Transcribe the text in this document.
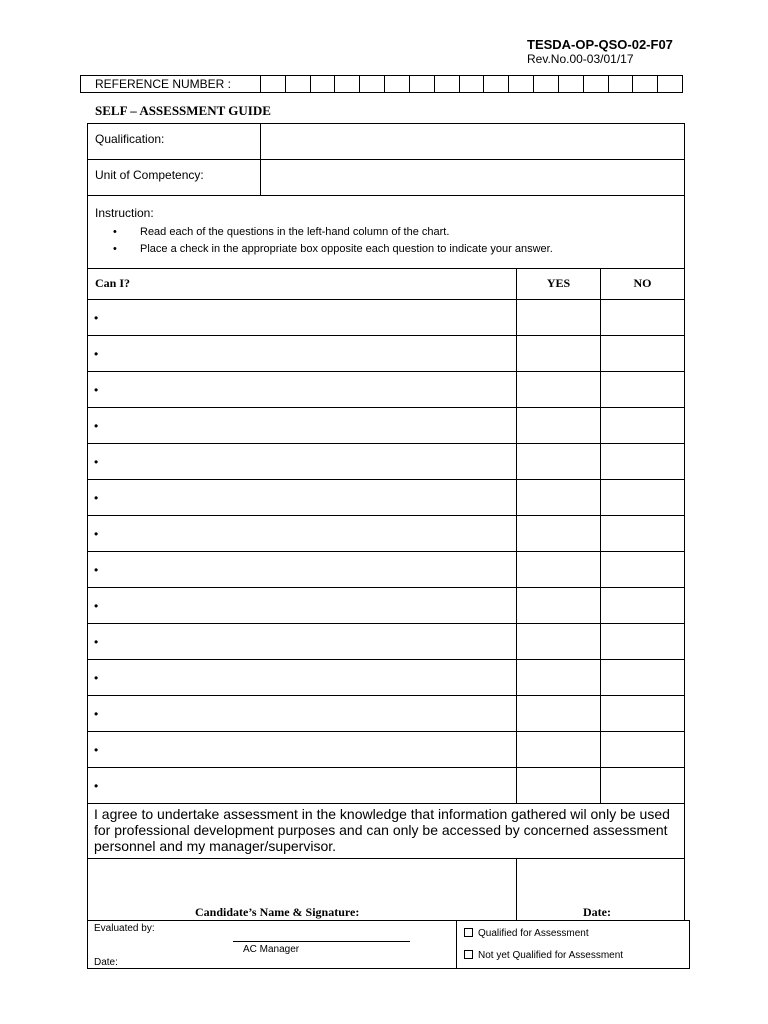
TESDA-OP-QSO-02-F07
Rev.No.00-03/01/17
REFERENCE NUMBER :
SELF – ASSESSMENT GUIDE
Qualification:
Unit of Competency:
Instruction:
• Read each of the questions in the left-hand column of the chart.
• Place a check in the appropriate box opposite each question to indicate your answer.
Can I?	YES	NO
•
•
•
•
•
•
•
•
•
•
•
•
•
•
I agree to undertake assessment in the knowledge that information gathered wil only be used for professional development purposes and can only be accessed by concerned assessment personnel and my manager/supervisor.
Candidate’s Name & Signature:	Date:
Evaluated by:
AC Manager
Date:
Qualified for Assessment
Not yet Qualified for Assessment
